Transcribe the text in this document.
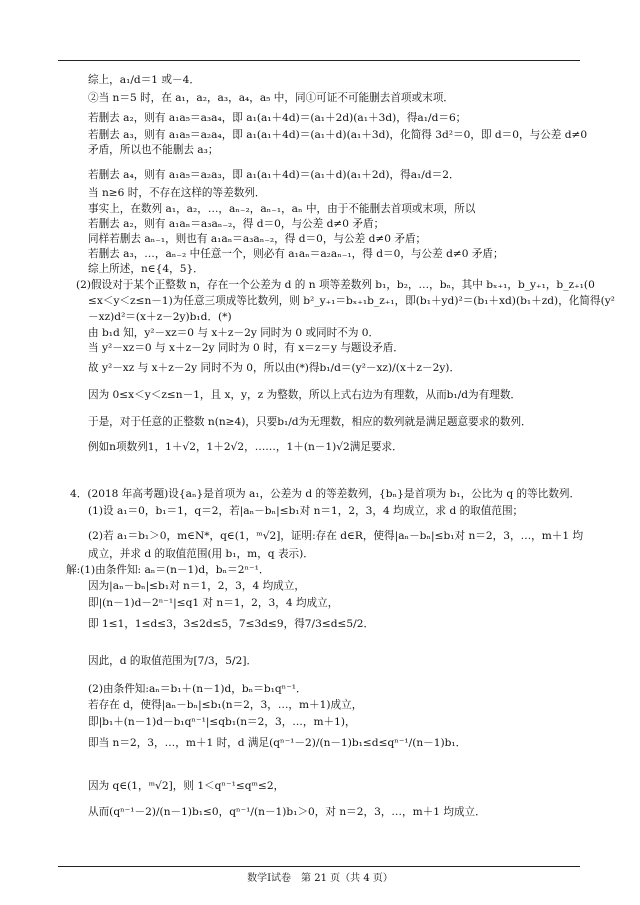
综上，a₁/d＝1 或－4．
②当 n＝5 时，在 a₁，a₂，a₃，a₄，a₅ 中，同①可证不可能删去首项或末项．
若删去 a₂，则有 a₁a₅＝a₃a₄，即 a₁(a₁＋4d)＝(a₁＋2d)(a₁＋3d)，得a₁/d＝6；
若删去 a₃，则有 a₁a₅＝a₂a₄，即 a₁(a₁＋4d)＝(a₁＋d)(a₁＋3d)，化简得 3d²＝0，即 d＝0，与公差 d≠0
矛盾，所以也不能删去 a₃；
若删去 a₄，则有 a₁a₅＝a₂a₃，即 a₁(a₁＋4d)＝(a₁＋d)(a₁＋2d)，得a₁/d＝2．
当 n≥6 时，不存在这样的等差数列．
事实上，在数列 a₁，a₂，…，aₙ₋₂，aₙ₋₁，aₙ 中，由于不能删去首项或末项，所以
若删去 a₂，则有 a₁aₙ＝a₃aₙ₋₂，得 d＝0，与公差 d≠0 矛盾；
同样若删去 aₙ₋₁，则也有 a₁aₙ＝a₃aₙ₋₂，得 d＝0，与公差 d≠0 矛盾；
若删去 a₃，…，aₙ₋₂ 中任意一个，则必有 a₁aₙ＝a₂aₙ₋₁，得 d＝0，与公差 d≠0 矛盾；
综上所述，n∈{4，5}．
(2)假设对于某个正整数 n，存在一个公差为 d 的 n 项等差数列 b₁，b₂，…，bₙ，其中 bₓ₊₁，b_y₊₁，b_z₊₁(0
≤x＜y＜z≤n－1)为任意三项成等比数列，则 b²_y₊₁＝bₓ₊₁b_z₊₁，即(b₁＋yd)²＝(b₁＋xd)(b₁＋zd)，化简得(y²
－xz)d²＝(x＋z－2y)b₁d．(*)
由 b₁d 知，y²－xz＝0 与 x＋z－2y 同时为 0 或同时不为 0．
当 y²－xz＝0 与 x＋z－2y 同时为 0 时，有 x＝z＝y 与题设矛盾．
故 y²－xz 与 x＋z－2y 同时不为 0，所以由(*)得b₁/d＝(y²－xz)/(x＋z－2y)．
因为 0≤x＜y＜z≤n－1，且 x，y，z 为整数，所以上式右边为有理数，从而b₁/d为有理数．
于是，对于任意的正整数 n(n≥4)，只要b₁/d为无理数，相应的数列就是满足题意要求的数列．
例如n项数列1，1＋√2，1＋2√2，……，1＋(n－1)√2满足要求．
4．(2018 年高考题)设{aₙ}是首项为 a₁，公差为 d 的等差数列，{bₙ}是首项为 b₁，公比为 q 的等比数列．
(1)设 a₁＝0，b₁＝1，q＝2，若|aₙ－bₙ|≤b₁对 n＝1，2，3，4 均成立，求 d 的取值范围；
(2)若 a₁＝b₁＞0，m∈N*，q∈(1，ᵐ√2]，证明:存在 d∈R，使得|aₙ－bₙ|≤b₁对 n＝2，3，…，m＋1 均
成立，并求 d 的取值范围(用 b₁，m，q 表示)．
解:(1)由条件知: aₙ＝(n－1)d，bₙ＝2ⁿ⁻¹．
因为|aₙ－bₙ|≤b₁对 n＝1，2，3，4 均成立，
即|(n－1)d－2ⁿ⁻¹|≤q1 对 n＝1，2，3，4 均成立，
即 1≤1，1≤d≤3，3≤2d≤5，7≤3d≤9，得7/3≤d≤5/2．
因此，d 的取值范围为[7/3，5/2]．
(2)由条件知:aₙ＝b₁＋(n－1)d，bₙ＝b₁qⁿ⁻¹．
若存在 d，使得|aₙ－bₙ|≤b₁(n＝2，3，…，m＋1)成立，
即|b₁＋(n－1)d－b₁qⁿ⁻¹|≤qb₁(n＝2，3，…，m＋1)，
即当 n＝2，3，…，m＋1 时，d 满足(qⁿ⁻¹－2)/(n－1)b₁≤d≤qⁿ⁻¹/(n－1)b₁．
因为 q∈(1，ᵐ√2]，则 1＜qⁿ⁻¹≤qᵐ≤2，
从而(qⁿ⁻¹－2)/(n－1)b₁≤0，qⁿ⁻¹/(n－1)b₁＞0，对 n＝2，3，…，m＋1 均成立．
数学Ⅰ试卷　第 21 页（共 4 页）
